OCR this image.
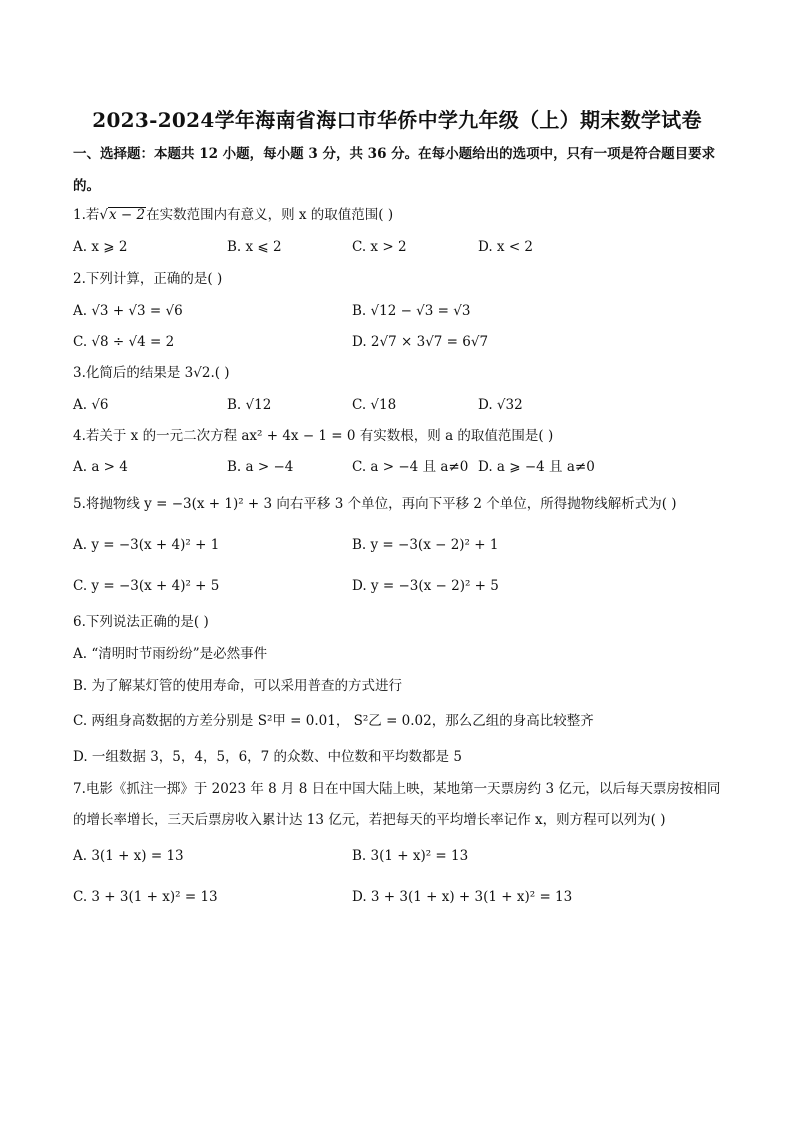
2023-2024学年海南省海口市华侨中学九年级（上）期末数学试卷
一、选择题：本题共 12 小题，每小题 3 分，共 36 分。在每小题给出的选项中，只有一项是符合题目要求
的。
1.若√x − 2在实数范围内有意义，则 x 的取值范围( )
A. x ⩾ 2	B. x ⩽ 2	C. x > 2	D. x < 2
2.下列计算，正确的是( )
A. √3 + √3 = √6	B. √12 − √3 = √3
C. √8 ÷ √4 = 2	D. 2√7 × 3√7 = 6√7
3.化简后的结果是 3√2.( )
A. √6	B. √12	C. √18	D. √32
4.若关于 x 的一元二次方程 ax² + 4x − 1 = 0 有实数根，则 a 的取值范围是( )
A. a > 4	B. a > −4	C. a > −4 且 a≠0 D. a ⩾ −4 且 a≠0
5.将抛物线 y = −3(x + 1)² + 3 向右平移 3 个单位，再向下平移 2 个单位，所得抛物线解析式为( )
A. y = −3(x + 4)² + 1	B. y = −3(x − 2)² + 1
C. y = −3(x + 4)² + 5	D. y = −3(x − 2)² + 5
6.下列说法正确的是( )
A. “清明时节雨纷纷”是必然事件
B. 为了解某灯管的使用寿命，可以采用普查的方式进行
C. 两组身高数据的方差分别是 S²甲 = 0.01， S²乙 = 0.02，那么乙组的身高比较整齐
D. 一组数据 3，5，4，5，6，7 的众数、中位数和平均数都是 5
7.电影《抓注一掷》于 2023 年 8 月 8 日在中国大陆上映，某地第一天票房约 3 亿元，以后每天票房按相同
的增长率增长，三天后票房收入累计达 13 亿元，若把每天的平均增长率记作 x，则方程可以列为( )
A. 3(1 + x) = 13	B. 3(1 + x)² = 13
C. 3 + 3(1 + x)² = 13	D. 3 + 3(1 + x) + 3(1 + x)² = 13
